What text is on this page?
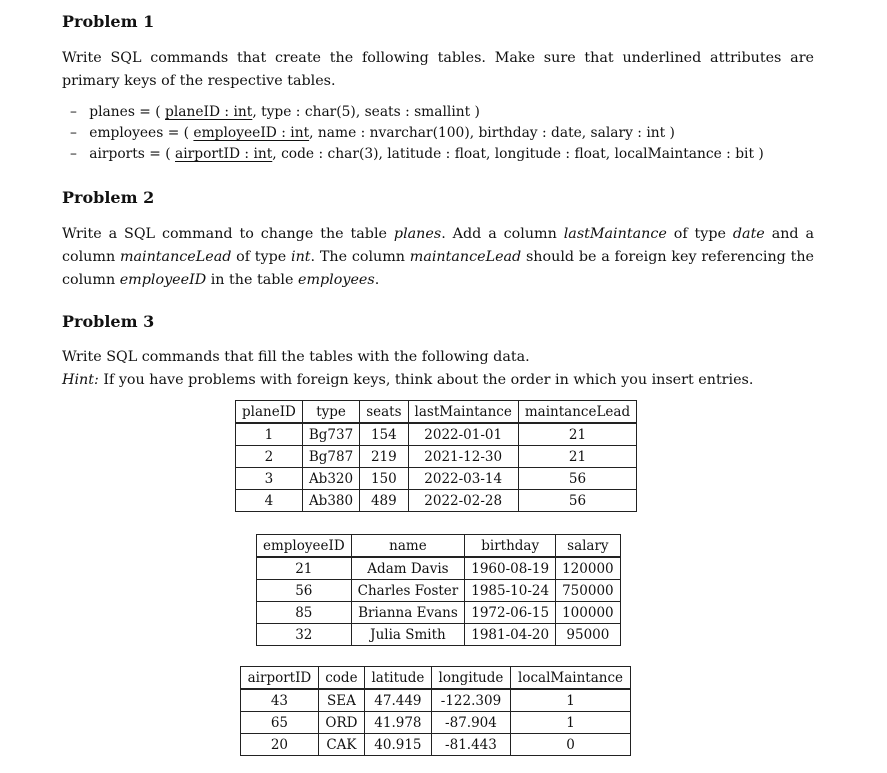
Problem 1

Write SQL commands that create the following tables. Make sure that underlined attributes are primary keys of the respective tables.

– planes = ( planeID : int, type : char(5), seats : smallint )
– employees = ( employeeID : int, name : nvarchar(100), birthday : date, salary : int )
– airports = ( airportID : int, code : char(3), latitude : float, longitude : float, localMaintance : bit )
Problem 2

Write a SQL command to change the table planes. Add a column lastMaintance of type date and a column maintanceLead of type int. The column maintanceLead should be a foreign key referencing the column employeeID in the table employees.

Problem 3

Write SQL commands that fill the tables with the following data.
Hint: If you have problems with foreign keys, think about the order in which you insert entries.

planeID	type	seats	lastMaintance	maintanceLead
1	Bg737	154	2022-01-01	21
2	Bg787	219	2021-12-30	21
3	Ab320	150	2022-03-14	56
4	Ab380	489	2022-02-28	56
employeeID	name	birthday	salary
21	Adam Davis	1960-08-19	120000
56	Charles Foster	1985-10-24	750000
85	Brianna Evans	1972-06-15	100000
32	Julia Smith	1981-04-20	95000
airportID	code	latitude	longitude	localMaintance
43	SEA	47.449	-122.309	1
65	ORD	41.978	-87.904	1
20	CAK	40.915	-81.443	0
